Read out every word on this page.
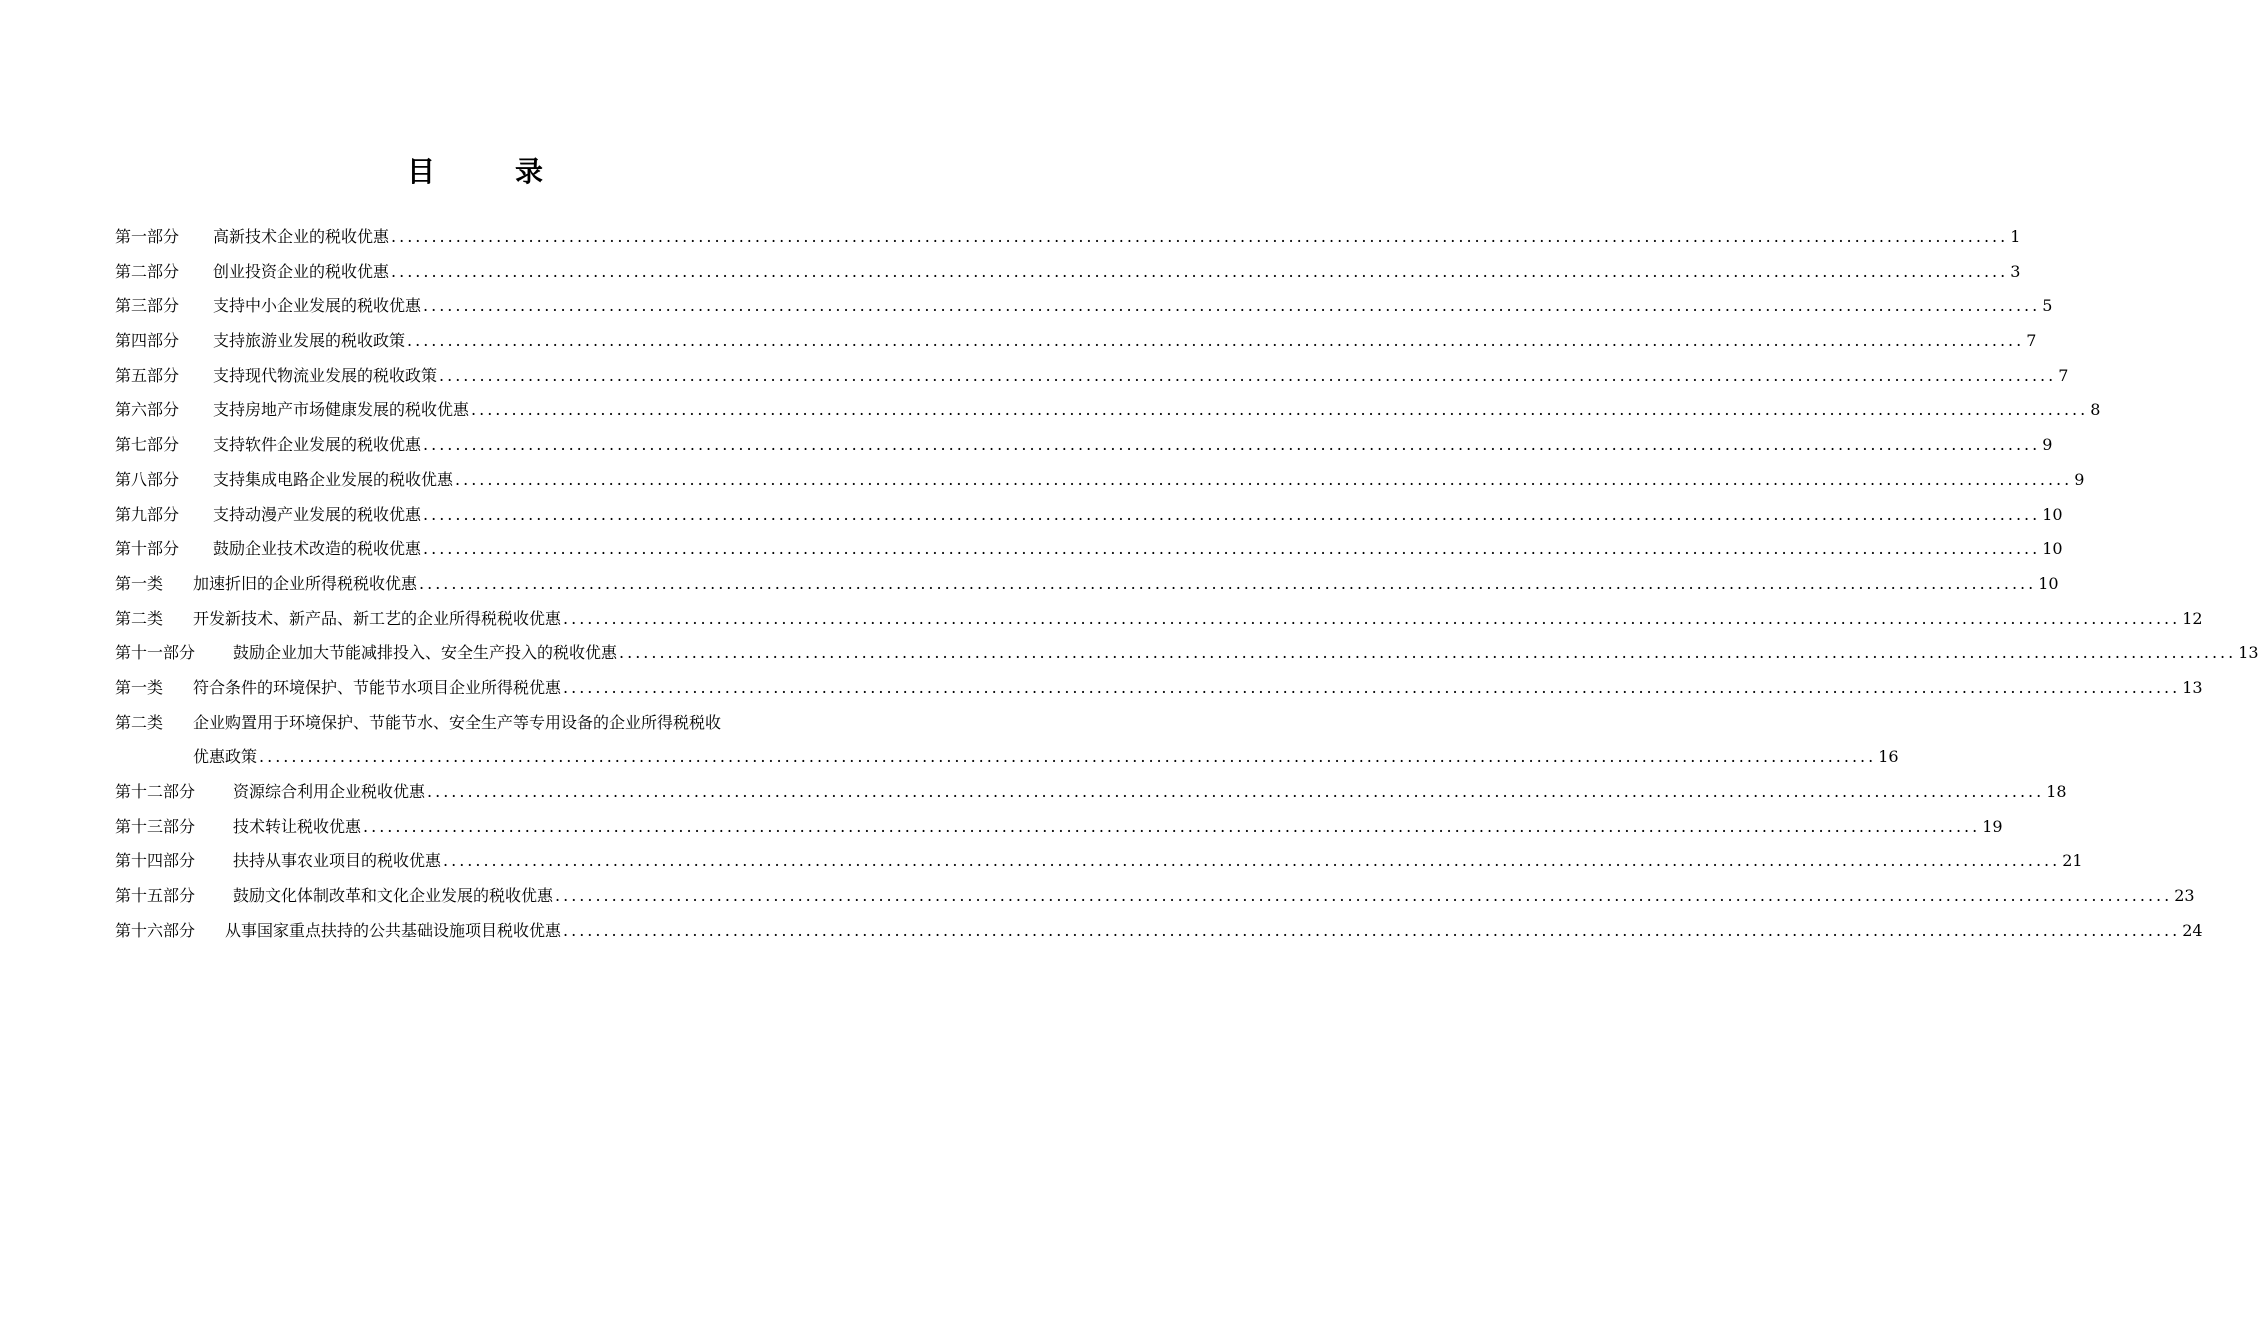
目　录
第一部分	高新技术企业的税收优惠 ........................................................................................................................................................................................................ 1
第二部分	创业投资企业的税收优惠 ........................................................................................................................................................................................................ 3
第三部分	支持中小企业发展的税收优惠 ........................................................................................................................................................................................................ 5
第四部分	支持旅游业发展的税收政策 ........................................................................................................................................................................................................ 7
第五部分	支持现代物流业发展的税收政策 ........................................................................................................................................................................................................ 7
第六部分	支持房地产市场健康发展的税收优惠 ........................................................................................................................................................................................................ 8
第七部分	支持软件企业发展的税收优惠 ........................................................................................................................................................................................................ 9
第八部分	支持集成电路企业发展的税收优惠 ........................................................................................................................................................................................................ 9
第九部分	支持动漫产业发展的税收优惠 ........................................................................................................................................................................................................ 10
第十部分	鼓励企业技术改造的税收优惠 ........................................................................................................................................................................................................ 10
第一类	加速折旧的企业所得税税收优惠 ........................................................................................................................................................................................................ 10
第二类	开发新技术、新产品、新工艺的企业所得税税收优惠 ........................................................................................................................................................................................................ 12
第十一部分	鼓励企业加大节能减排投入、安全生产投入的税收优惠 ........................................................................................................................................................................................................ 13
第一类	符合条件的环境保护、节能节水项目企业所得税优惠 ........................................................................................................................................................................................................ 13
第二类	企业购置用于环境保护、节能节水、安全生产等专用设备的企业所得税税收
优惠政策 ........................................................................................................................................................................................................ 16
第十二部分	资源综合利用企业税收优惠 ........................................................................................................................................................................................................ 18
第十三部分	技术转让税收优惠 ........................................................................................................................................................................................................ 19
第十四部分	扶持从事农业项目的税收优惠 ........................................................................................................................................................................................................ 21
第十五部分	鼓励文化体制改革和文化企业发展的税收优惠 ........................................................................................................................................................................................................ 23
第十六部分	从事国家重点扶持的公共基础设施项目税收优惠 ........................................................................................................................................................................................................ 24
